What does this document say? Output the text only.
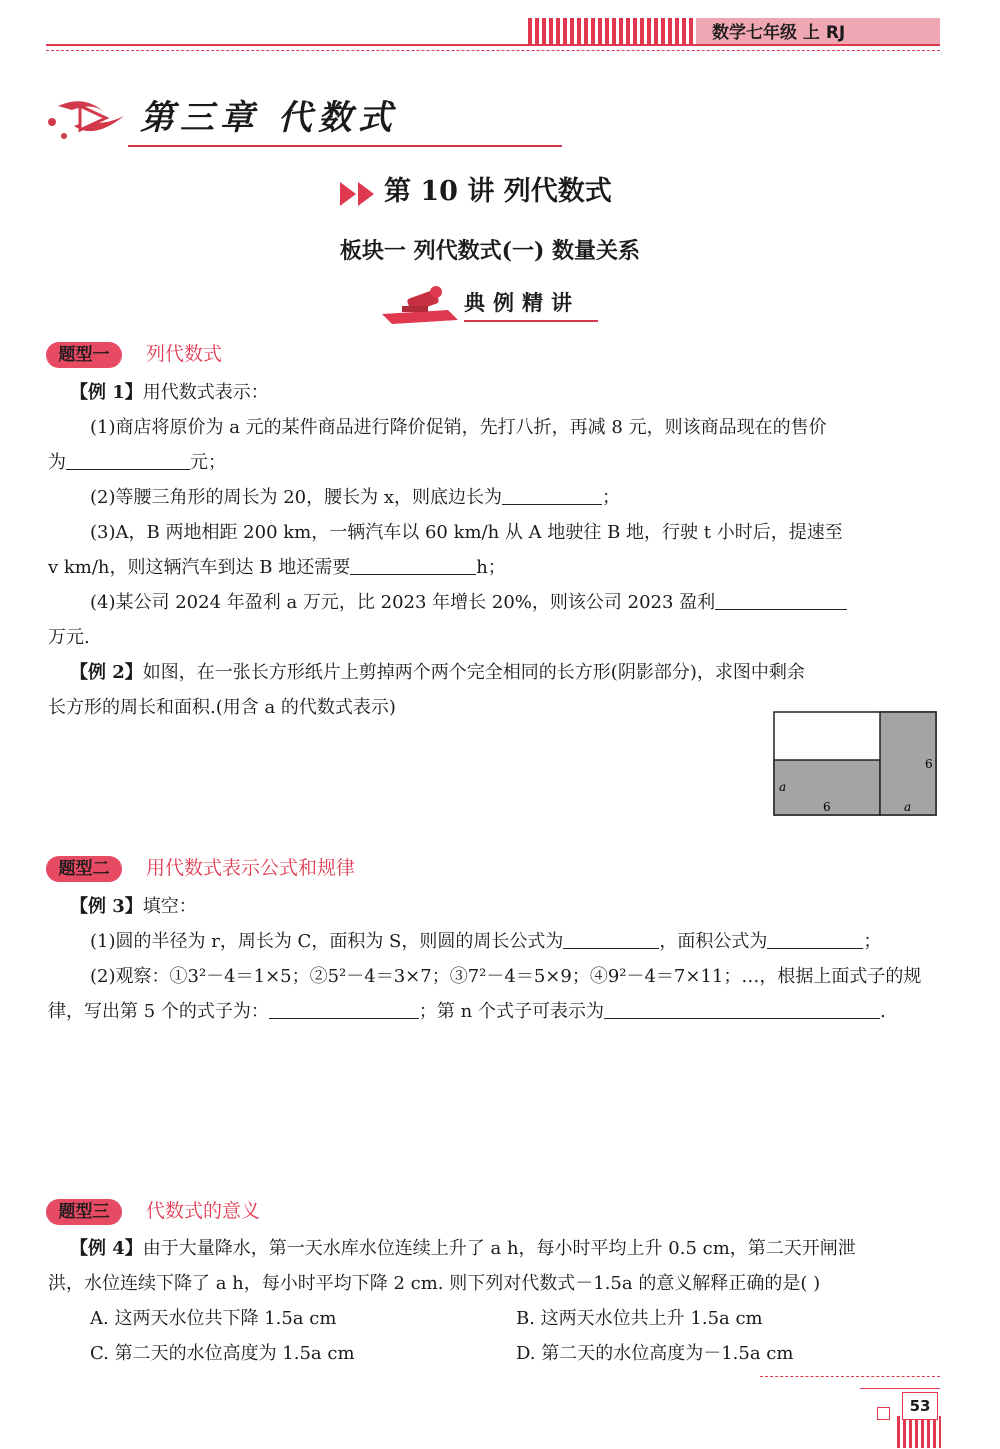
数学七年级 上 RJ
第三章 代数式
第 10 讲 列代数式
板块一 列代数式(一) 数量关系
典例精讲
题型一	列代数式
【例 1】用代数式表示：
(1)商店将原价为 a 元的某件商品进行降价促销，先打八折，再减 8 元，则该商品现在的售价
为	元；
(2)等腰三角形的周长为 20，腰长为 x，则底边长为	；
(3)A，B 两地相距 200 km，一辆汽车以 60 km/h 从 A 地驶往 B 地，行驶 t 小时后，提速至
v km/h，则这辆汽车到达 B 地还需要	h；
(4)某公司 2024 年盈利 a 万元，比 2023 年增长 20%，则该公司 2023 盈利
万元.
【例 2】如图，在一张长方形纸片上剪掉两个两个完全相同的长方形(阴影部分)，求图中剩余
长方形的周长和面积.(用含 a 的代数式表示)
a
6
6
a
题型二	用代数式表示公式和规律
【例 3】填空：
(1)圆的半径为 r，周长为 C，面积为 S，则圆的周长公式为	，面积公式为	；
(2)观察：①3²－4＝1×5；②5²－4＝3×7；③7²－4＝5×9；④9²－4＝7×11；…，根据上面式子的规
律，写出第 5 个的式子为：	；第 n 个式子可表示为	.
题型三	代数式的意义
【例 4】由于大量降水，第一天水库水位连续上升了 a h，每小时平均上升 0.5 cm，第二天开闸泄
洪，水位连续下降了 a h，每小时平均下降 2 cm. 则下列对代数式－1.5a 的意义解释正确的是( )
A. 这两天水位共下降 1.5a cm	B. 这两天水位共上升 1.5a cm
C. 第二天的水位高度为 1.5a cm	D. 第二天的水位高度为－1.5a cm
53
